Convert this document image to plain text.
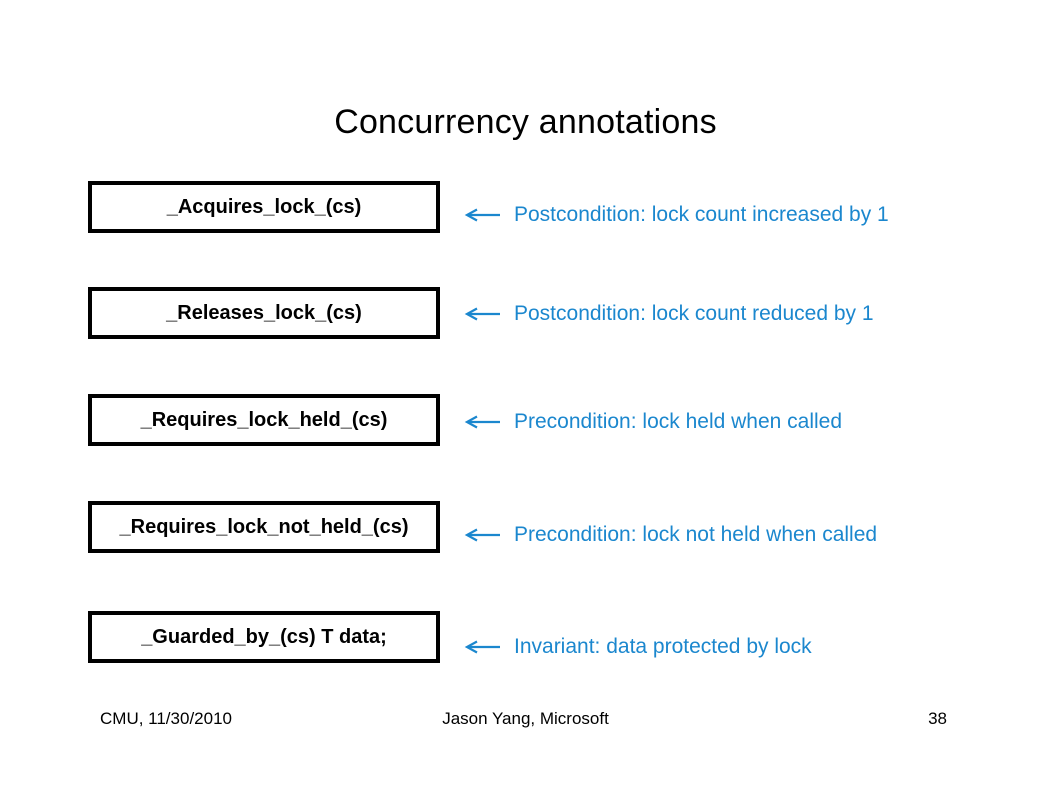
Concurrency annotations
_Acquires_lock_(cs)	Postcondition: lock count increased by 1
_Releases_lock_(cs)	Postcondition: lock count reduced by 1
_Requires_lock_held_(cs)	Precondition: lock held when called
_Requires_lock_not_held_(cs)	Precondition: lock not held when called
_Guarded_by_(cs) T data;	Invariant: data protected by lock
CMU, 11/30/2010	Jason Yang, Microsoft	38
